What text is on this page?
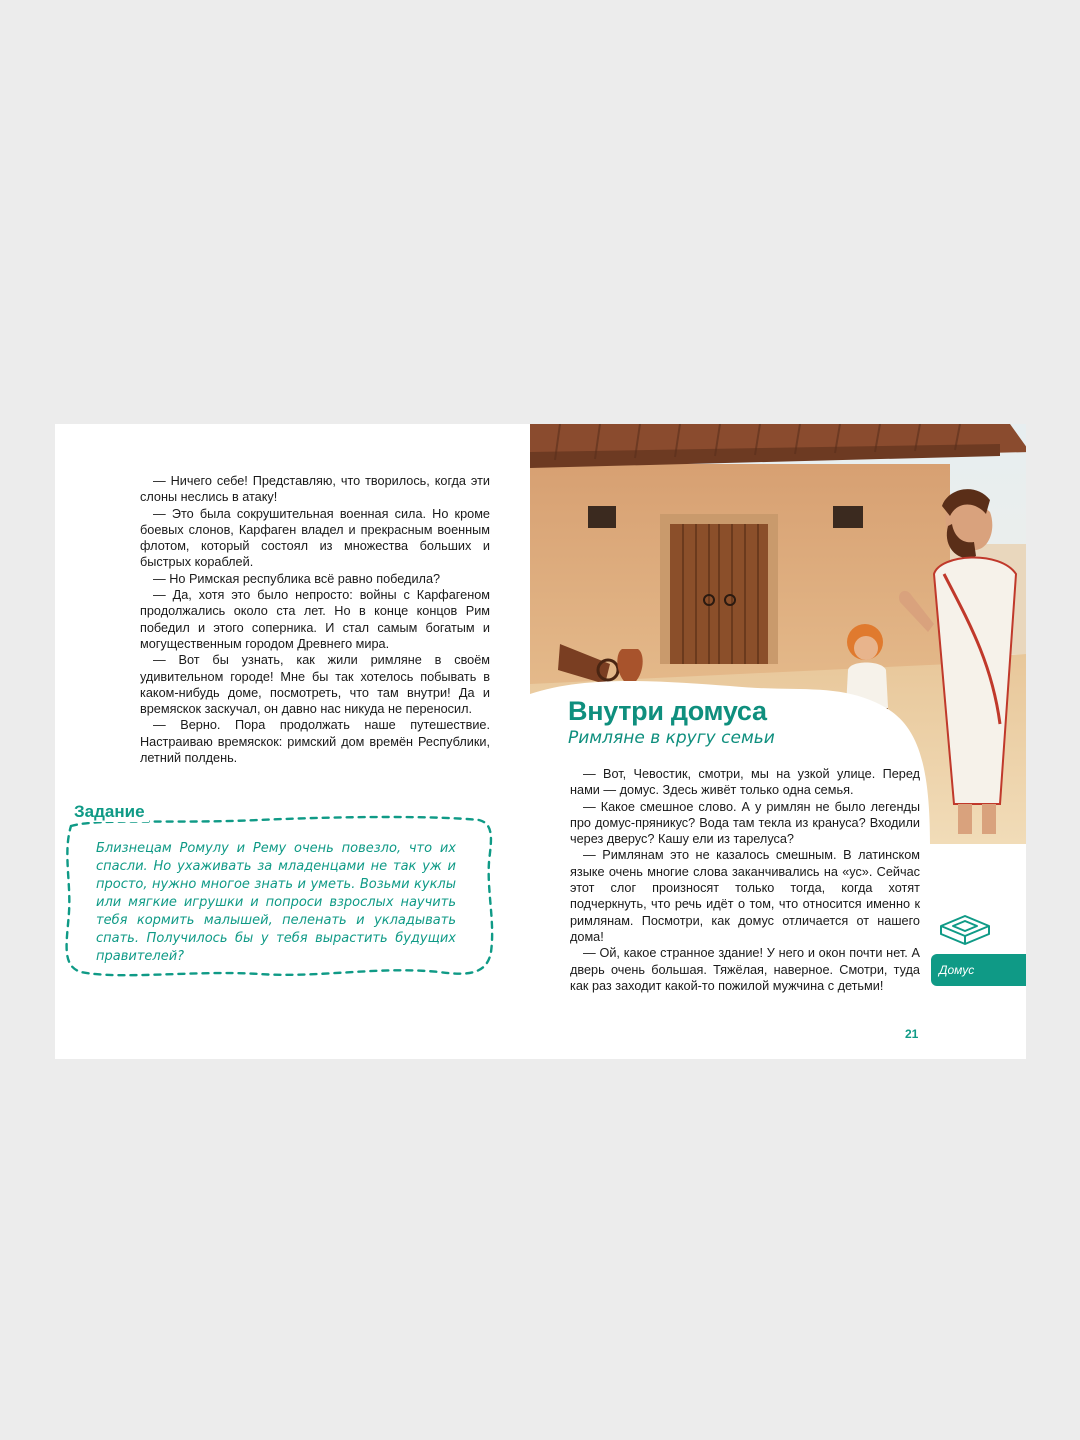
— Ничего себе! Представляю, что творилось, когда эти слоны неслись в атаку!

— Это была сокрушительная военная сила. Но кроме боевых слонов, Карфаген владел и прекрасным военным флотом, который состоял из множества больших и быстрых кораблей.

— Но Римская республика всё равно победила?

— Да, хотя это было непросто: войны с Карфагеном продолжались около ста лет. Но в конце концов Рим победил и этого соперника. И стал самым богатым и могущественным городом Древнего мира.

— Вот бы узнать, как жили римляне в своём удивительном городе! Мне бы так хотелось побывать в каком-нибудь доме, посмотреть, что там внутри! Да и времяскок заскучал, он давно нас никуда не переносил.

— Верно. Пора продолжать наше путешествие. Настраиваю времяскок: римский дом времён Республики, летний полдень.

Задание
Близнецам Ромулу и Рему очень повезло, что их спасли. Но ухаживать за младенцами не так уж и просто, нужно многое знать и уметь. Возьми куклы или мягкие игрушки и попроси взрослых научить тебя кормить малышей, пеленать и укладывать спать. Получилось бы у тебя вырастить будущих правителей?
Внутри домуса
Римляне в кругу семьи

— Вот, Чевостик, смотри, мы на узкой улице. Перед нами — домус. Здесь живёт только одна семья.

— Какое смешное слово. А у римлян не было легенды про домус-пряникус? Вода там текла из крануса? Входили через дверус? Кашу ели из тарелуса?

— Римлянам это не казалось смешным. В латинском языке очень многие слова заканчивались на «ус». Сейчас этот слог произносят только тогда, когда хотят подчеркнуть, что речь идёт о том, что относится именно к римлянам. Посмотри, как домус отличается от нашего дома!

— Ой, какое странное здание! У него и окон почти нет. А дверь очень большая. Тяжёлая, наверное. Смотри, туда как раз заходит какой-то пожилой мужчина с детьми!

Домус
21
